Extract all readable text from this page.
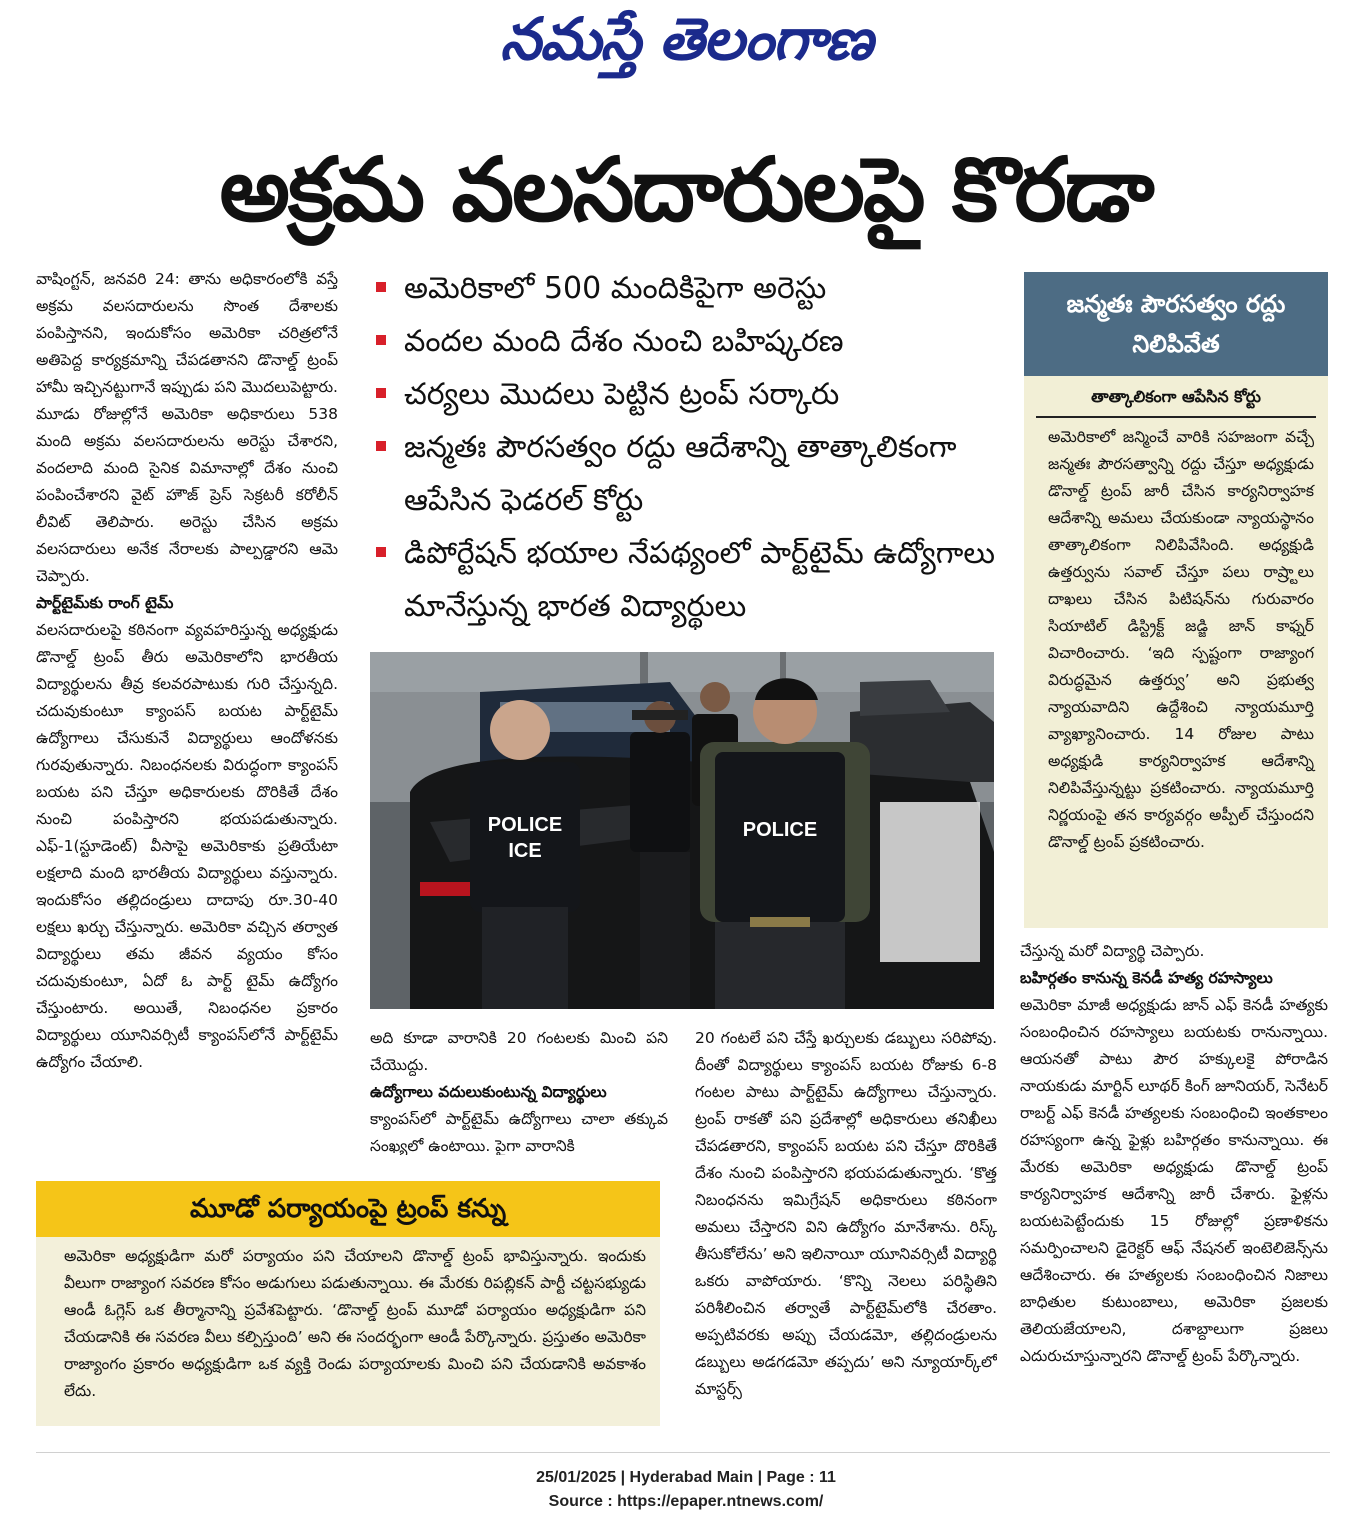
నమస్తే తెలంగాణ
అక్రమ వలసదారులపై కొరడా

వాషింగ్టన్, జనవరి 24: తాను అధికారంలోకి వస్తే అక్రమ వలసదారులను సొంత దేశాలకు పంపిస్తానని, ఇందుకోసం అమెరికా చరిత్రలోనే అతిపెద్ద కార్యక్రమాన్ని చేపడతానని డొనాల్డ్ ట్రంప్ హామీ ఇచ్చినట్టుగానే ఇప్పుడు పని మొదలుపెట్టారు. మూడు రోజుల్లోనే అమెరికా అధికారులు 538 మంది అక్రమ వలసదారులను అరెస్టు చేశారని, వందలాది మంది సైనిక విమానాల్లో దేశం నుంచి పంపించేశారని వైట్ హౌజ్ ప్రెస్ సెక్రటరీ కరోలీన్ లీవిట్ తెలిపారు. అరెస్టు చేసిన అక్రమ వలసదారులు అనేక నేరాలకు పాల్పడ్డారని ఆమె చెప్పారు.

పార్ట్‌టైమ్‌కు రాంగ్ టైమ్

వలసదారులపై కఠినంగా వ్యవహరిస్తున్న అధ్యక్షుడు డొనాల్డ్ ట్రంప్ తీరు అమెరికాలోని భారతీయ విద్యార్థులను తీవ్ర కలవరపాటుకు గురి చేస్తున్నది. చదువుకుంటూ క్యాంపస్ బయట పార్ట్‌టైమ్ ఉద్యోగాలు చేసుకునే విద్యార్థులు ఆందోళనకు గురవుతున్నారు. నిబంధనలకు విరుద్ధంగా క్యాంపస్ బయట పని చేస్తూ అధికారులకు దొరికితే దేశం నుంచి పంపిస్తారని భయపడుతున్నారు. ఎఫ్-1(స్టూడెంట్) వీసాపై అమెరికాకు ప్రతియేటా లక్షలాది మంది భారతీయ విద్యార్థులు వస్తున్నారు. ఇందుకోసం తల్లిదండ్రులు దాదాపు రూ.30-40 లక్షలు ఖర్చు చేస్తున్నారు. అమెరికా వచ్చిన తర్వాత విద్యార్థులు తమ జీవన వ్యయం కోసం చదువుకుంటూ, ఏదో ఓ పార్ట్ టైమ్ ఉద్యోగం చేస్తుంటారు. అయితే, నిబంధనల ప్రకారం విద్యార్థులు యూనివర్సిటీ క్యాంపస్‌లోనే పార్ట్‌టైమ్ ఉద్యోగం చేయాలి.

అమెరికాలో 500 మందికిపైగా అరెస్టు
వందల మంది దేశం నుంచి బహిష్కరణ
చర్యలు మొదలు పెట్టిన ట్రంప్ సర్కారు
జన్మతః పౌరసత్వం రద్దు ఆదేశాన్ని తాత్కాలికంగా ఆపేసిన ఫెడరల్ కోర్టు
డిపోర్టేషన్ భయాల నేపథ్యంలో పార్ట్‌టైమ్ ఉద్యోగాలు మానేస్తున్న భారత విద్యార్థులు
POLICE
ICE
POLICE

అది కూడా వారానికి 20 గంటలకు మించి పని చేయొద్దు.

ఉద్యోగాలు వదులుకుంటున్న విద్యార్థులు

క్యాంపస్‌లో పార్ట్‌టైమ్ ఉద్యోగాలు చాలా తక్కువ సంఖ్యలో ఉంటాయి. పైగా వారానికి

20 గంటలే పని చేస్తే ఖర్చులకు డబ్బులు సరిపోవు. దీంతో విద్యార్థులు క్యాంపస్ బయట రోజుకు 6-8 గంటల పాటు పార్ట్‌టైమ్ ఉద్యోగాలు చేస్తున్నారు. ట్రంప్ రాకతో పని ప్రదేశాల్లో అధికారులు తనిఖీలు చేపడతారని, క్యాంపస్ బయట పని చేస్తూ దొరికితే దేశం నుంచి పంపిస్తారని భయపడుతున్నారు. ‘కొత్త నిబంధనను ఇమిగ్రేషన్ అధికారులు కఠినంగా అమలు చేస్తారని విని ఉద్యోగం మానేశాను. రిస్క్ తీసుకోలేను’ అని ఇలినాయీ యూనివర్సిటీ విద్యార్థి ఒకరు వాపోయారు. ‘కొన్ని నెలలు పరిస్థితిని పరిశీలించిన తర్వాతే పార్ట్‌టైమ్‌లోకి చేరతాం. అప్పటివరకు అప్పు చేయడమో, తల్లిదండ్రులను డబ్బులు అడగడమో తప్పదు’ అని న్యూయార్క్‌లో మాస్టర్స్

జన్మతః పౌరసత్వం రద్దు నిలిపివేత
తాత్కాలికంగా ఆపేసిన కోర్టు

అమెరికాలో జన్మించే వారికి సహజంగా వచ్చే జన్మతః పౌరసత్వాన్ని రద్దు చేస్తూ అధ్యక్షుడు డొనాల్డ్ ట్రంప్ జారీ చేసిన కార్యనిర్వాహక ఆదేశాన్ని అమలు చేయకుండా న్యాయస్థానం తాత్కాలికంగా నిలిపివేసింది. అధ్యక్షుడి ఉత్తర్వును సవాల్ చేస్తూ పలు రాష్ర్టాలు దాఖలు చేసిన పిటిషన్‌ను గురువారం సియాటిల్ డిస్ట్రిక్ట్ జడ్జి జాన్ కాఫ్నర్ విచారించారు. ‘ఇది స్పష్టంగా రాజ్యాంగ విరుద్ధమైన ఉత్తర్వు’ అని ప్రభుత్వ న్యాయవాదిని ఉద్దేశించి న్యాయమూర్తి వ్యాఖ్యానించారు. 14 రోజుల పాటు అధ్యక్షుడి కార్యనిర్వాహక ఆదేశాన్ని నిలిపివేస్తున్నట్టు ప్రకటించారు. న్యాయమూర్తి నిర్ణయంపై తన కార్యవర్గం అప్పీల్ చేస్తుందని డొనాల్డ్ ట్రంప్ ప్రకటించారు.

చేస్తున్న మరో విద్యార్థి చెప్పారు.

బహిర్గతం కానున్న కెనడీ హత్య రహస్యాలు

అమెరికా మాజీ అధ్యక్షుడు జాన్ ఎఫ్ కెనడీ హత్యకు సంబంధించిన రహస్యాలు బయటకు రానున్నాయి. ఆయనతో పాటు పౌర హక్కులకై పోరాడిన నాయకుడు మార్టిన్ లూథర్ కింగ్ జూనియర్, సెనేటర్ రాబర్ట్ ఎఫ్ కెనడీ హత్యలకు సంబంధించి ఇంతకాలం రహస్యంగా ఉన్న ఫైళ్లు బహిర్గతం కానున్నాయి. ఈ మేరకు అమెరికా అధ్యక్షుడు డొనాల్డ్ ట్రంప్ కార్యనిర్వాహక ఆదేశాన్ని జారీ చేశారు. ఫైళ్లను బయటపెట్టేందుకు 15 రోజుల్లో ప్రణాళికను సమర్పించాలని డైరెక్టర్ ఆఫ్ నేషనల్ ఇంటెలిజెన్స్‌ను ఆదేశించారు. ఈ హత్యలకు సంబంధించిన నిజాలు బాధితుల కుటుంబాలు, అమెరికా ప్రజలకు తెలియజేయాలని, దశాబ్దాలుగా ప్రజలు ఎదురుచూస్తున్నారని డొనాల్డ్ ట్రంప్ పేర్కొన్నారు.

మూడో పర్యాయంపై ట్రంప్ కన్ను

అమెరికా అధ్యక్షుడిగా మరో పర్యాయం పని చేయాలని డొనాల్డ్ ట్రంప్ భావిస్తున్నారు. ఇందుకు వీలుగా రాజ్యాంగ సవరణ కోసం అడుగులు పడుతున్నాయి. ఈ మేరకు రిపబ్లికన్ పార్టీ చట్టసభ్యుడు ఆండీ ఓగ్లెస్ ఒక తీర్మానాన్ని ప్రవేశపెట్టారు. ‘డొనాల్డ్ ట్రంప్ మూడో పర్యాయం అధ్యక్షుడిగా పని చేయడానికి ఈ సవరణ వీలు కల్పిస్తుంది’ అని ఈ సందర్భంగా ఆండీ పేర్కొన్నారు. ప్రస్తుతం అమెరికా రాజ్యాంగం ప్రకారం అధ్యక్షుడిగా ఒక వ్యక్తి రెండు పర్యాయాలకు మించి పని చేయడానికి అవకాశం లేదు.

25/01/2025 | Hyderabad Main | Page : 11
Source : https://epaper.ntnews.com/
